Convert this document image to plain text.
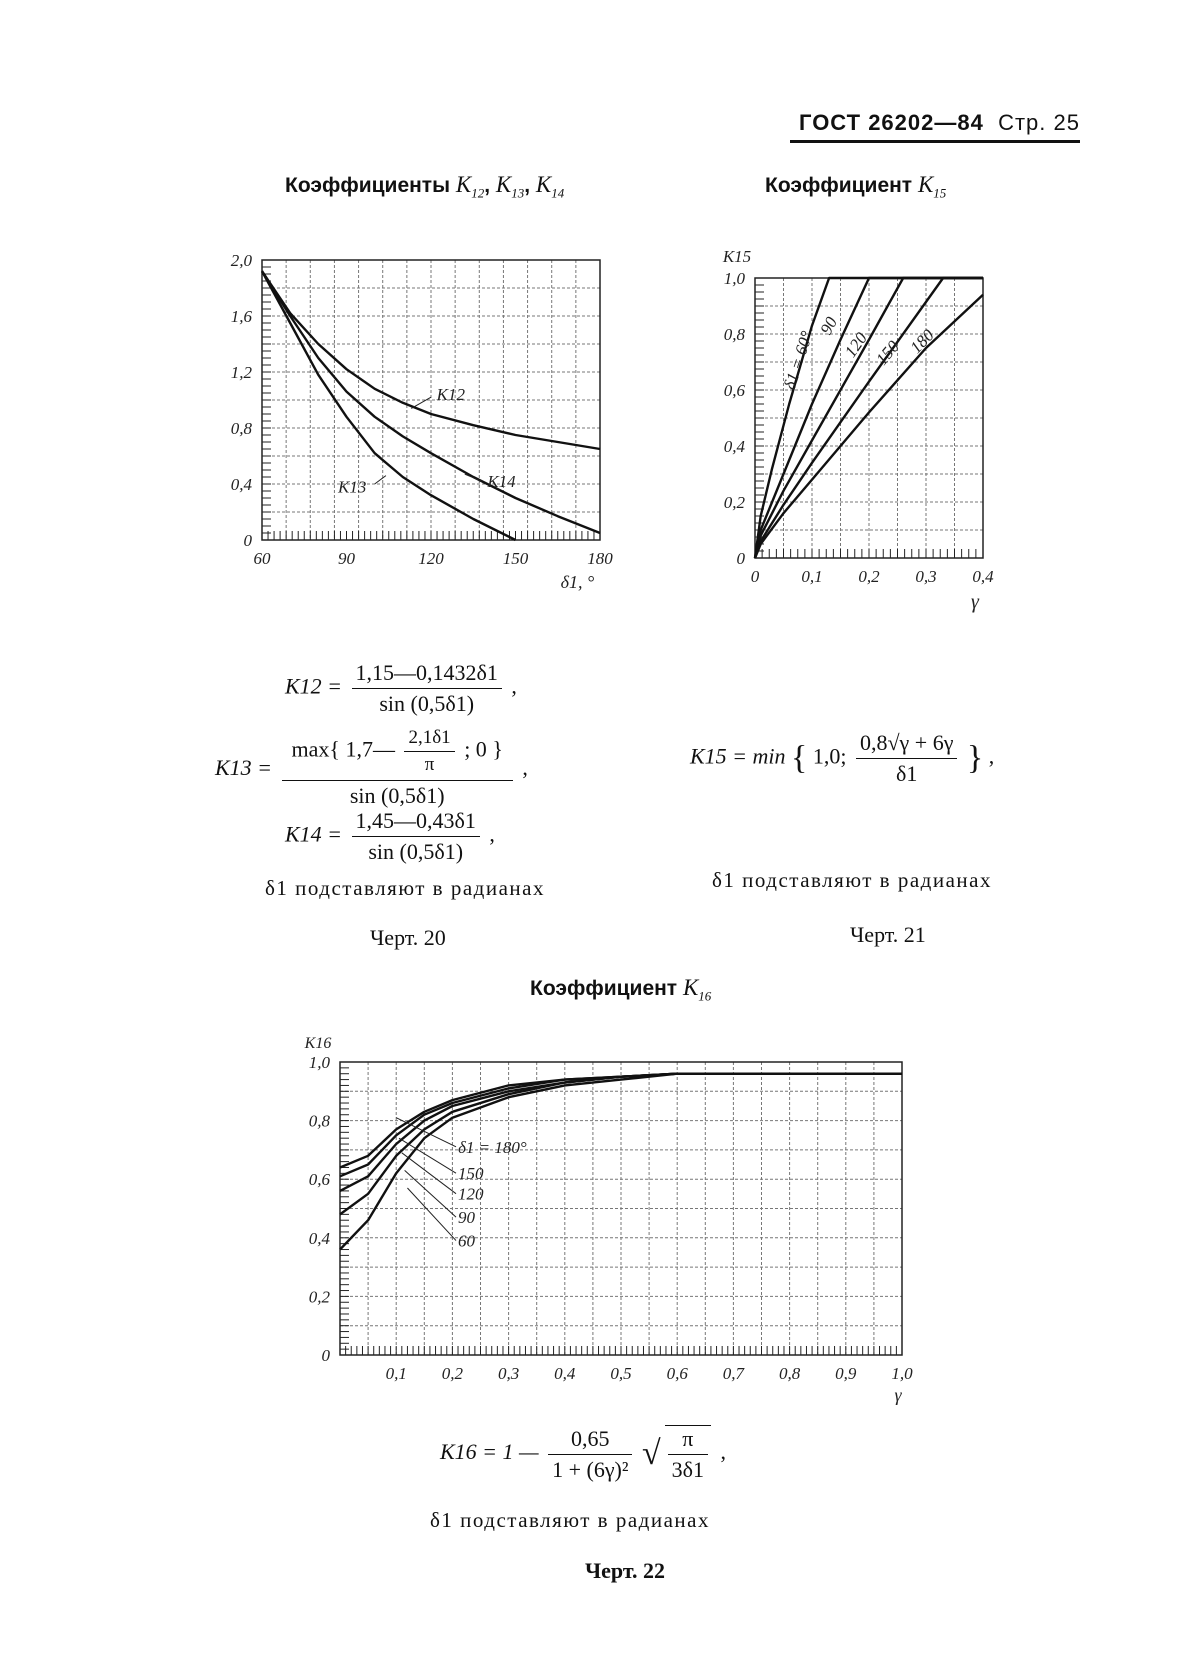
ГОСТ 26202—84 Стр. 25
Коэффициенты $K_{12}$, $K_{13}$, $K_{14}$	Коэффициент $K_{15}$
Коэффициент $K_{16}$
0
0,4
0,8
1,2
1,6
2,0
60	90	120	150	180
δ1, °
K12
K13	K14
0
0,2
0,4
0,6
0,8
1,0
0 0,1 0,2 0,3 0,4
K15
γ
δ1 = 60°
90
120 150 180
0
0,2
0,4
0,6
0,8
1,0
0,1 0,2 0,3 0,4 0,5 0,6 0,7 0,8 0,9 1,0
K16
γ
δ1 = 180°
150
120
90
60
$K12 = \frac{1,15—0,1432\delta 1}{\sin (0,5\delta 1)}$ ,
K13 =
max{ 1,7— $\frac{2,1\delta 1}{\pi}$ ; 0 }
sin (0,5δ1)
,
$K14 = \frac{1,45—0,43\delta 1}{\sin (0,5\delta 1)}$ ,
δ1 подставляют в радианах
Черт. 20
K15 = min { 1,0; $\frac{0,8√\gamma + 6\gamma}{\delta 1}$ } ,
δ1 подставляют в радианах
Черт. 21
K16 = 1 — $\frac{0,65}{\text{1 + (6γ)²}}$ √ $\frac{\pi}{3\delta 1}$ ,
δ1 подставляют в радианах
Черт. 22
